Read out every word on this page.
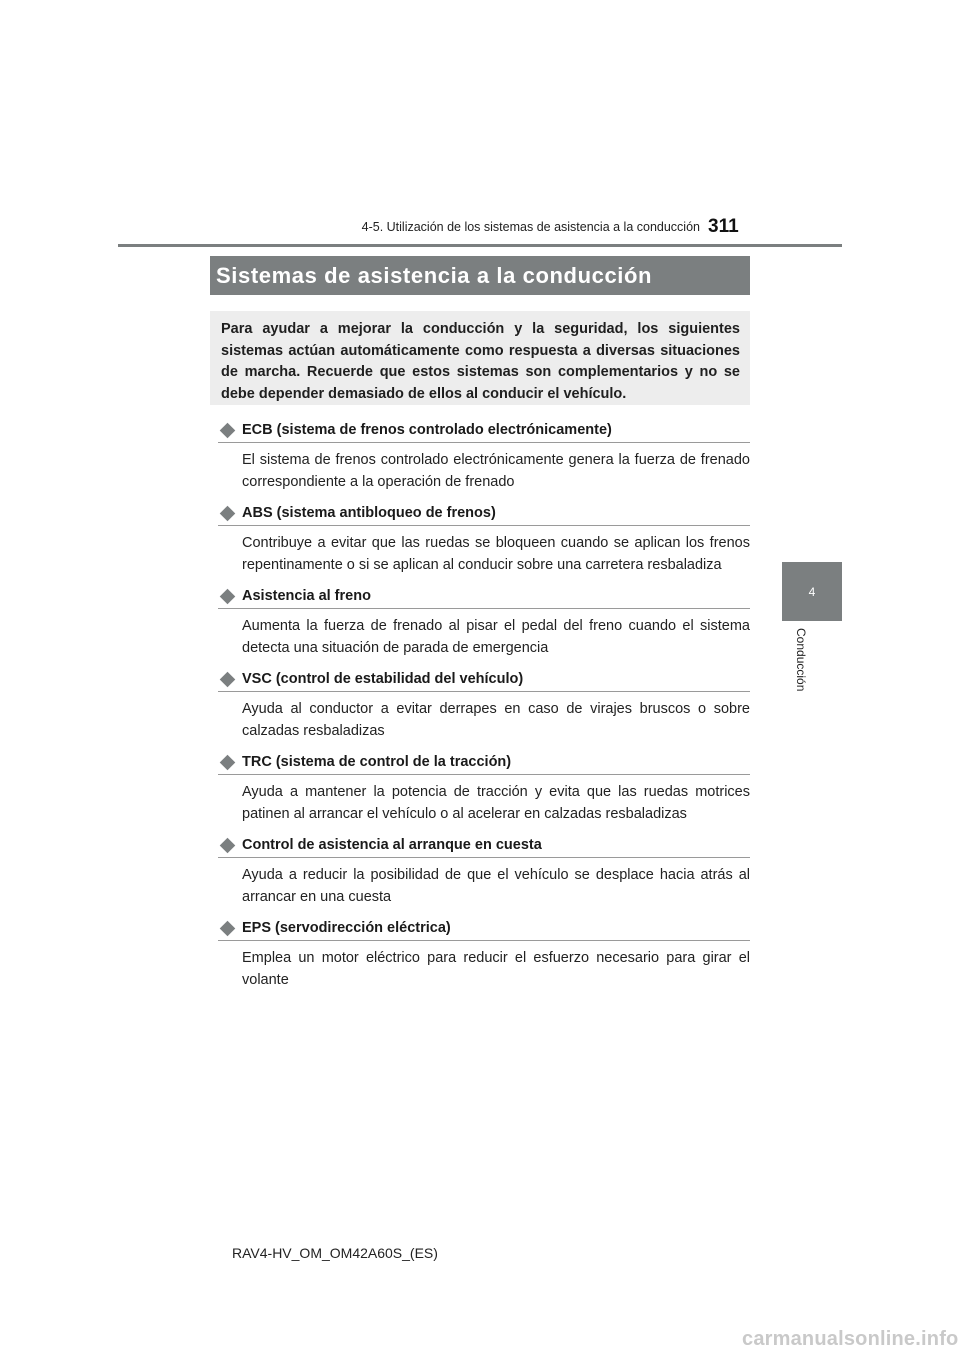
4-5. Utilización de los sistemas de asistencia a la conducción 311
4
Conducción
Sistemas de asistencia a la conducción
Para ayudar a mejorar la conducción y la seguridad, los siguientes sistemas actúan automáticamente como respuesta a diversas situaciones de marcha. Recuerde que estos sistemas son complementarios y no se debe depender demasiado de ellos al conducir el vehículo.
ECB (sistema de frenos controlado electrónicamente)
El sistema de frenos controlado electrónicamente genera la fuerza de frenado correspondiente a la operación de frenado
ABS (sistema antibloqueo de frenos)
Contribuye a evitar que las ruedas se bloqueen cuando se aplican los frenos repentinamente o si se aplican al conducir sobre una carretera resbaladiza
Asistencia al freno
Aumenta la fuerza de frenado al pisar el pedal del freno cuando el sistema detecta una situación de parada de emergencia
VSC (control de estabilidad del vehículo)
Ayuda al conductor a evitar derrapes en caso de virajes bruscos o sobre calzadas resbaladizas
TRC (sistema de control de la tracción)
Ayuda a mantener la potencia de tracción y evita que las ruedas motrices patinen al arrancar el vehículo o al acelerar en calzadas resbaladizas
Control de asistencia al arranque en cuesta
Ayuda a reducir la posibilidad de que el vehículo se desplace hacia atrás al arrancar en una cuesta
EPS (servodirección eléctrica)
Emplea un motor eléctrico para reducir el esfuerzo necesario para girar el volante
RAV4-HV_OM_OM42A60S_(ES)
carmanualsonline.info
